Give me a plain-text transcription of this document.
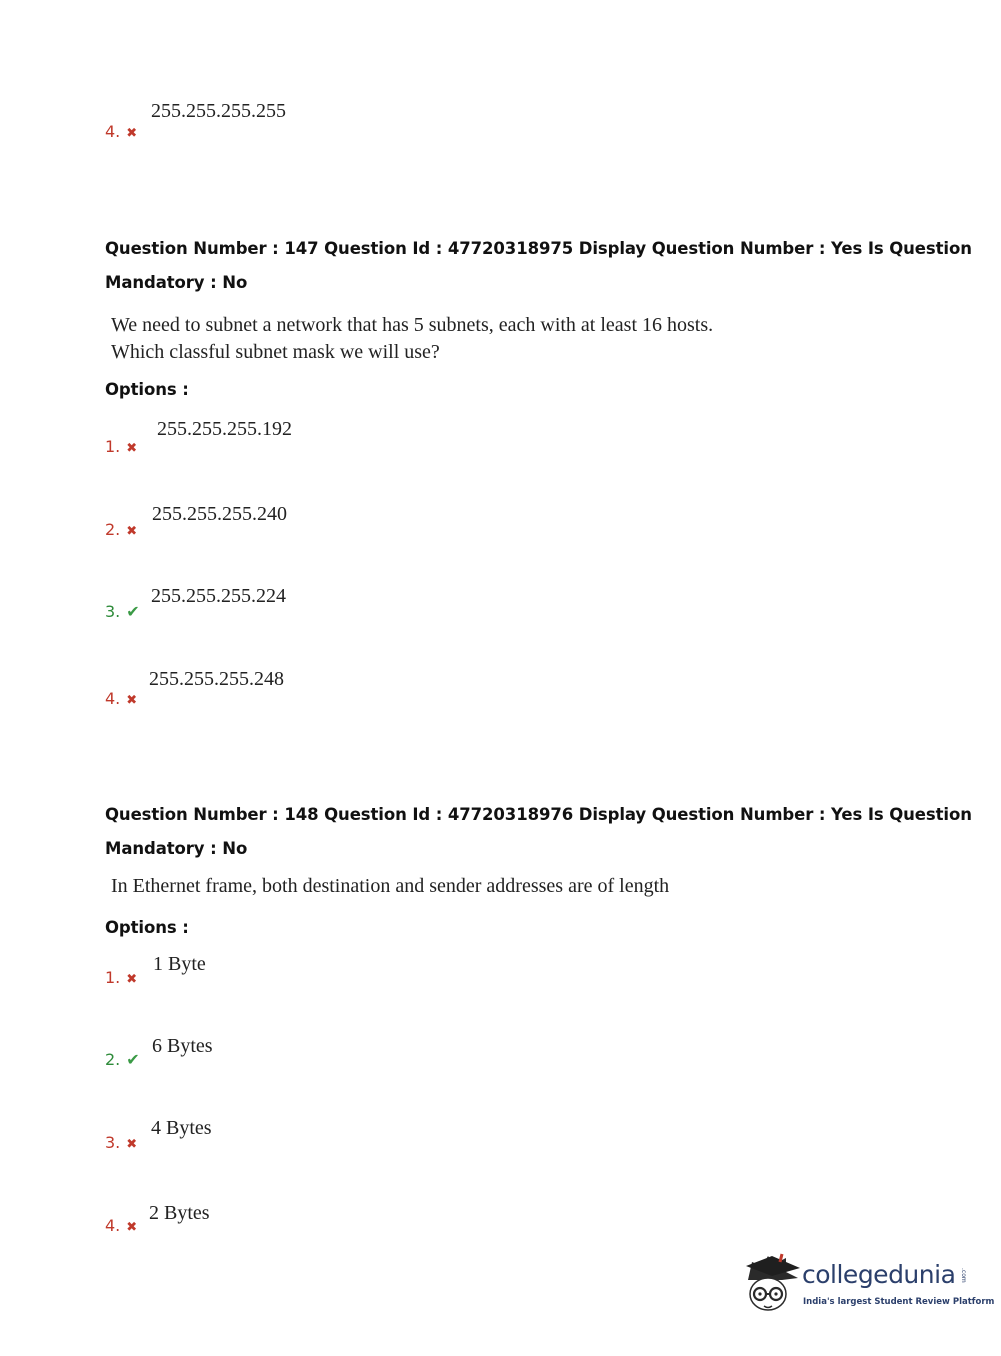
255.255.255.255
4. ✖
Question Number : 147 Question Id : 47720318975 Display Question Number : Yes Is Question
Mandatory : No
We need to subnet a network that has 5 subnets, each with at least 16 hosts.
Which classful subnet mask we will use?
Options :
255.255.255.192
1. ✖
255.255.255.240
2. ✖
255.255.255.224
3. ✔
255.255.255.248
4. ✖
Question Number : 148 Question Id : 47720318976 Display Question Number : Yes Is Question
Mandatory : No
In Ethernet frame, both destination and sender addresses are of length
Options :
1 Byte
1. ✖
6 Bytes
2. ✔
4 Bytes
3. ✖
2 Bytes
4. ✖
collegedunia .com
India's largest Student Review Platform
